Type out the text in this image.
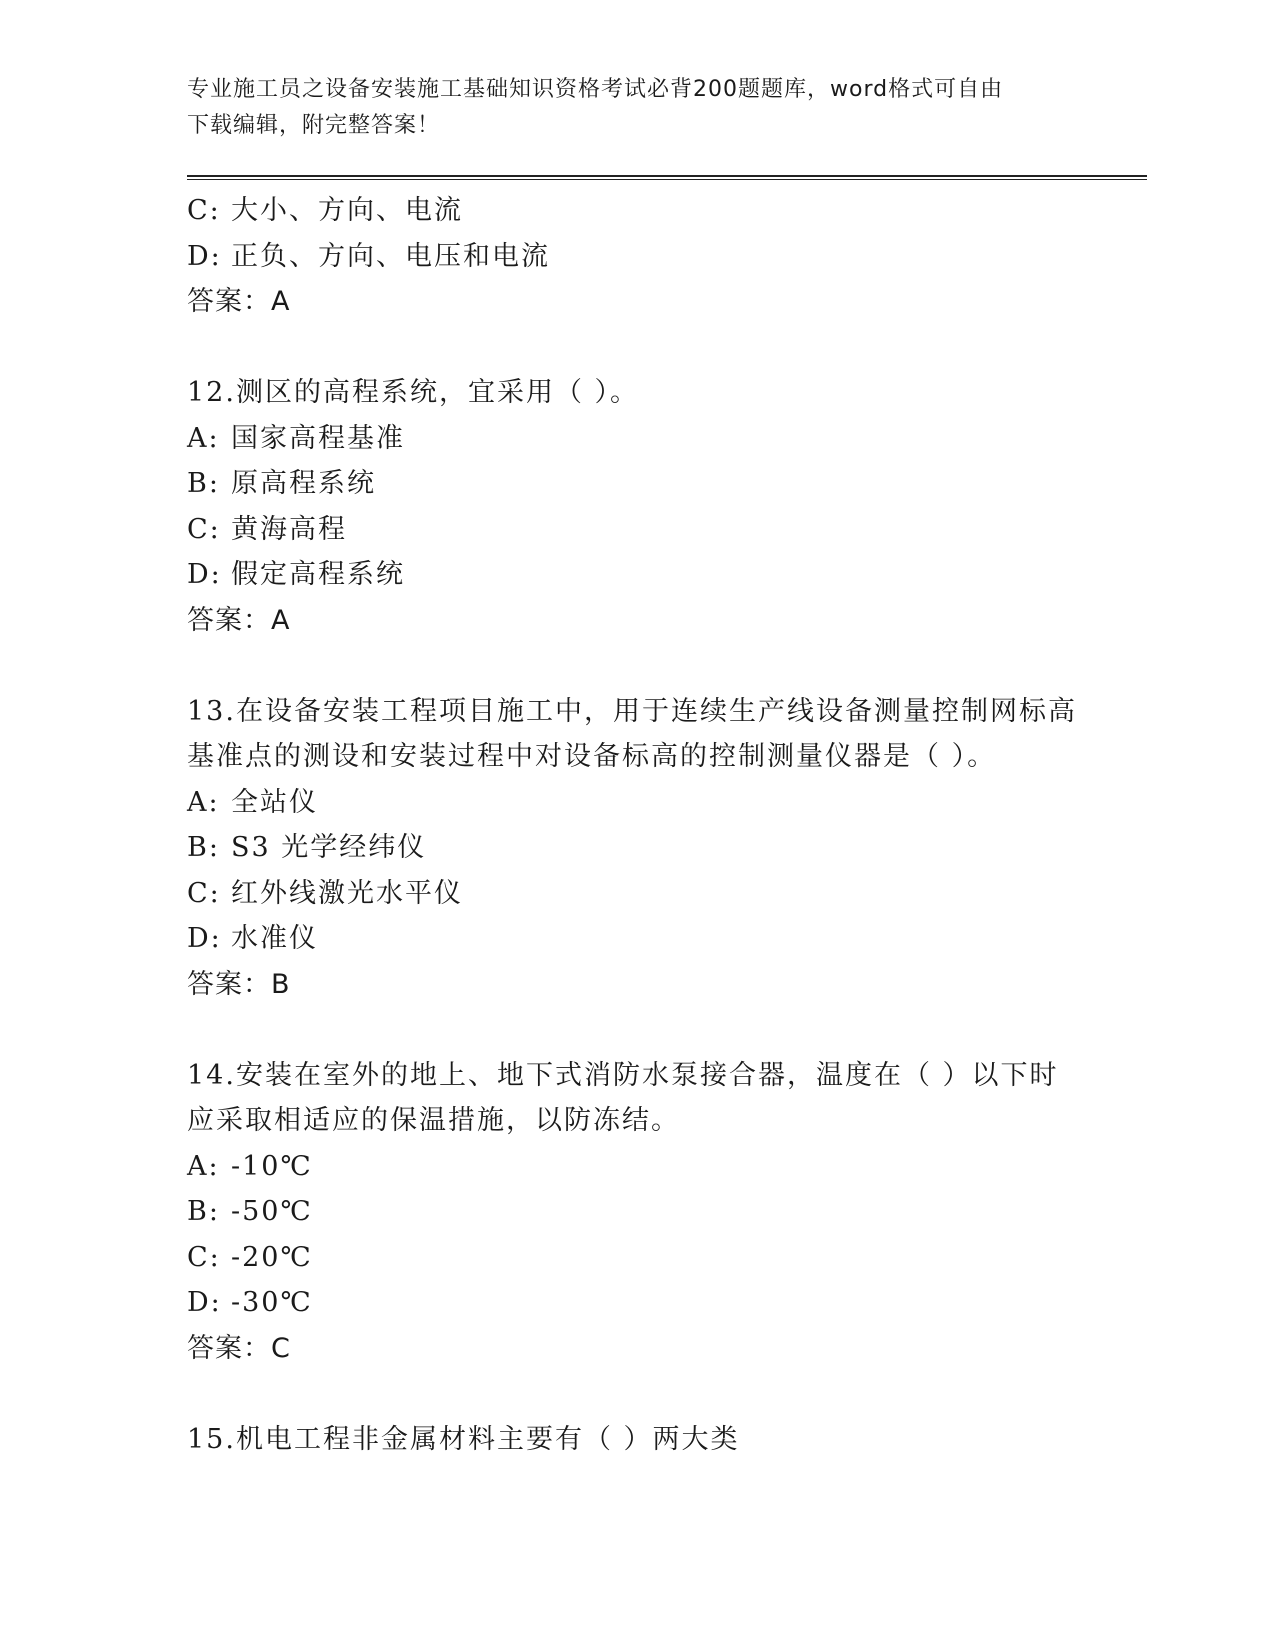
专业施工员之设备安装施工基础知识资格考试必背200题题库，word格式可自由
下载编辑，附完整答案！
C: 大小、方向、电流
D: 正负、方向、电压和电流
答案：A
12.测区的高程系统，宜采用（ ）。
A: 国家高程基准
B: 原高程系统
C: 黄海高程
D: 假定高程系统
答案：A
13.在设备安装工程项目施工中，用于连续生产线设备测量控制网标高
基准点的测设和安装过程中对设备标高的控制测量仪器是（ ）。
A: 全站仪
B: S3 光学经纬仪
C: 红外线激光水平仪
D: 水准仪
答案：B
14.安装在室外的地上、地下式消防水泵接合器，温度在（ ）以下时
应采取相适应的保温措施，以防冻结。
A: -10℃
B: -50℃
C: -20℃
D: -30℃
答案：C
15.机电工程非金属材料主要有（ ）两大类
